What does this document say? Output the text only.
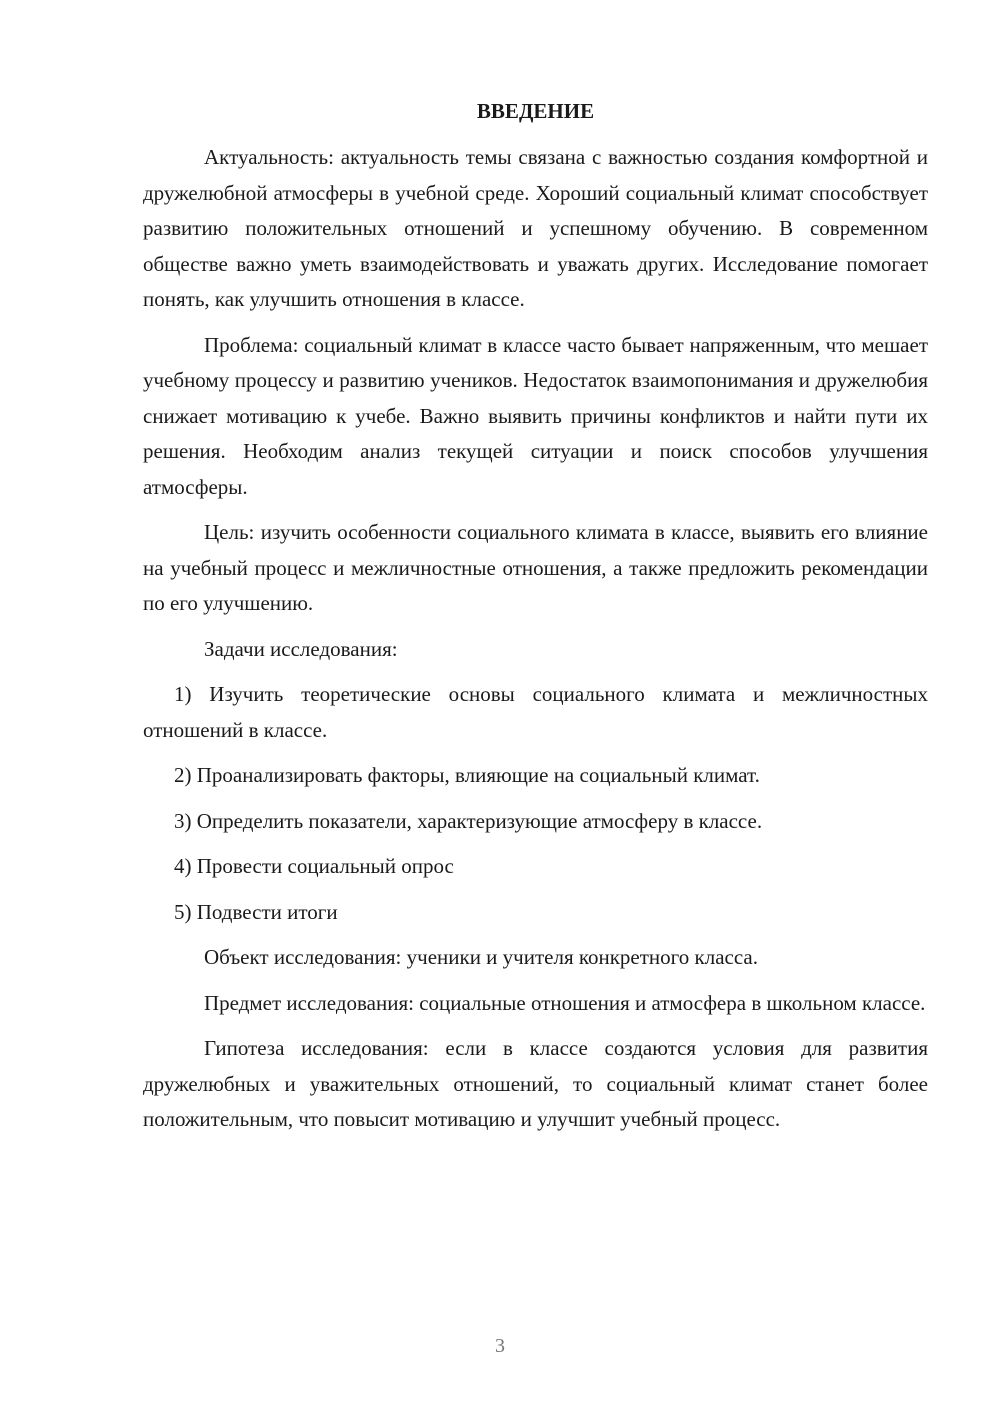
ВВЕДЕНИЕ

Актуальность: актуальность темы связана с важностью создания комфортной и дружелюбной атмосферы в учебной среде. Хороший социальный климат способствует развитию положительных отношений и успешному обучению. В современном обществе важно уметь взаимодействовать и уважать других. Исследование помогает понять, как улучшить отношения в классе.

Проблема: социальный климат в классе часто бывает напряженным, что мешает учебному процессу и развитию учеников. Недостаток взаимопонимания и дружелюбия снижает мотивацию к учебе. Важно выявить причины конфликтов и найти пути их решения. Необходим анализ текущей ситуации и поиск способов улучшения атмосферы.

Цель: изучить особенности социального климата в классе, выявить его влияние на учебный процесс и межличностные отношения, а также предложить рекомендации по его улучшению.

Задачи исследования:

1) Изучить теоретические основы социального климата и межличностных отношений в классе.

2) Проанализировать факторы, влияющие на социальный климат.

3) Определить показатели, характеризующие атмосферу в классе.

4) Провести социальный опрос

5) Подвести итоги

Объект исследования: ученики и учителя конкретного класса.

Предмет исследования: социальные отношения и атмосфера в школьном классе.

Гипотеза исследования: если в классе создаются условия для развития дружелюбных и уважительных отношений, то социальный климат станет более положительным, что повысит мотивацию и улучшит учебный процесс.

3
